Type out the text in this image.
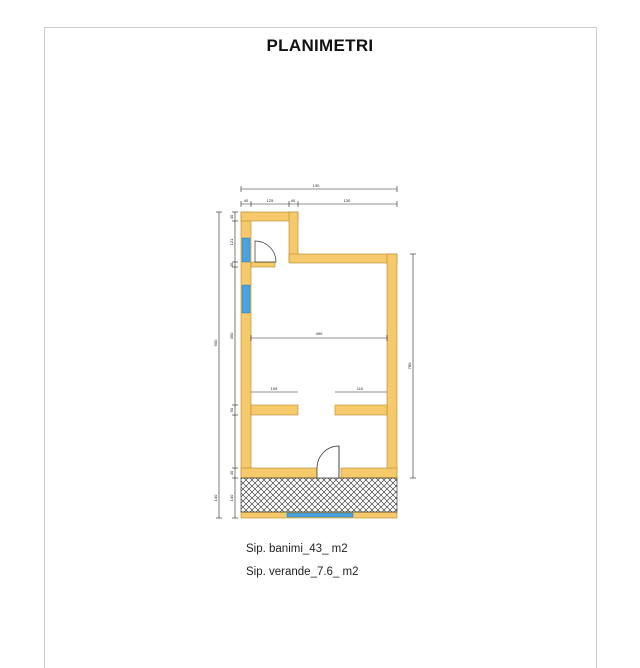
PLANIMETRI
130
40	125	40	130
490
105	110
900
40
121
40
490
50
40
140
140
780
Sip. banimi_43_ m2
Sip. verande_7.6_ m2
